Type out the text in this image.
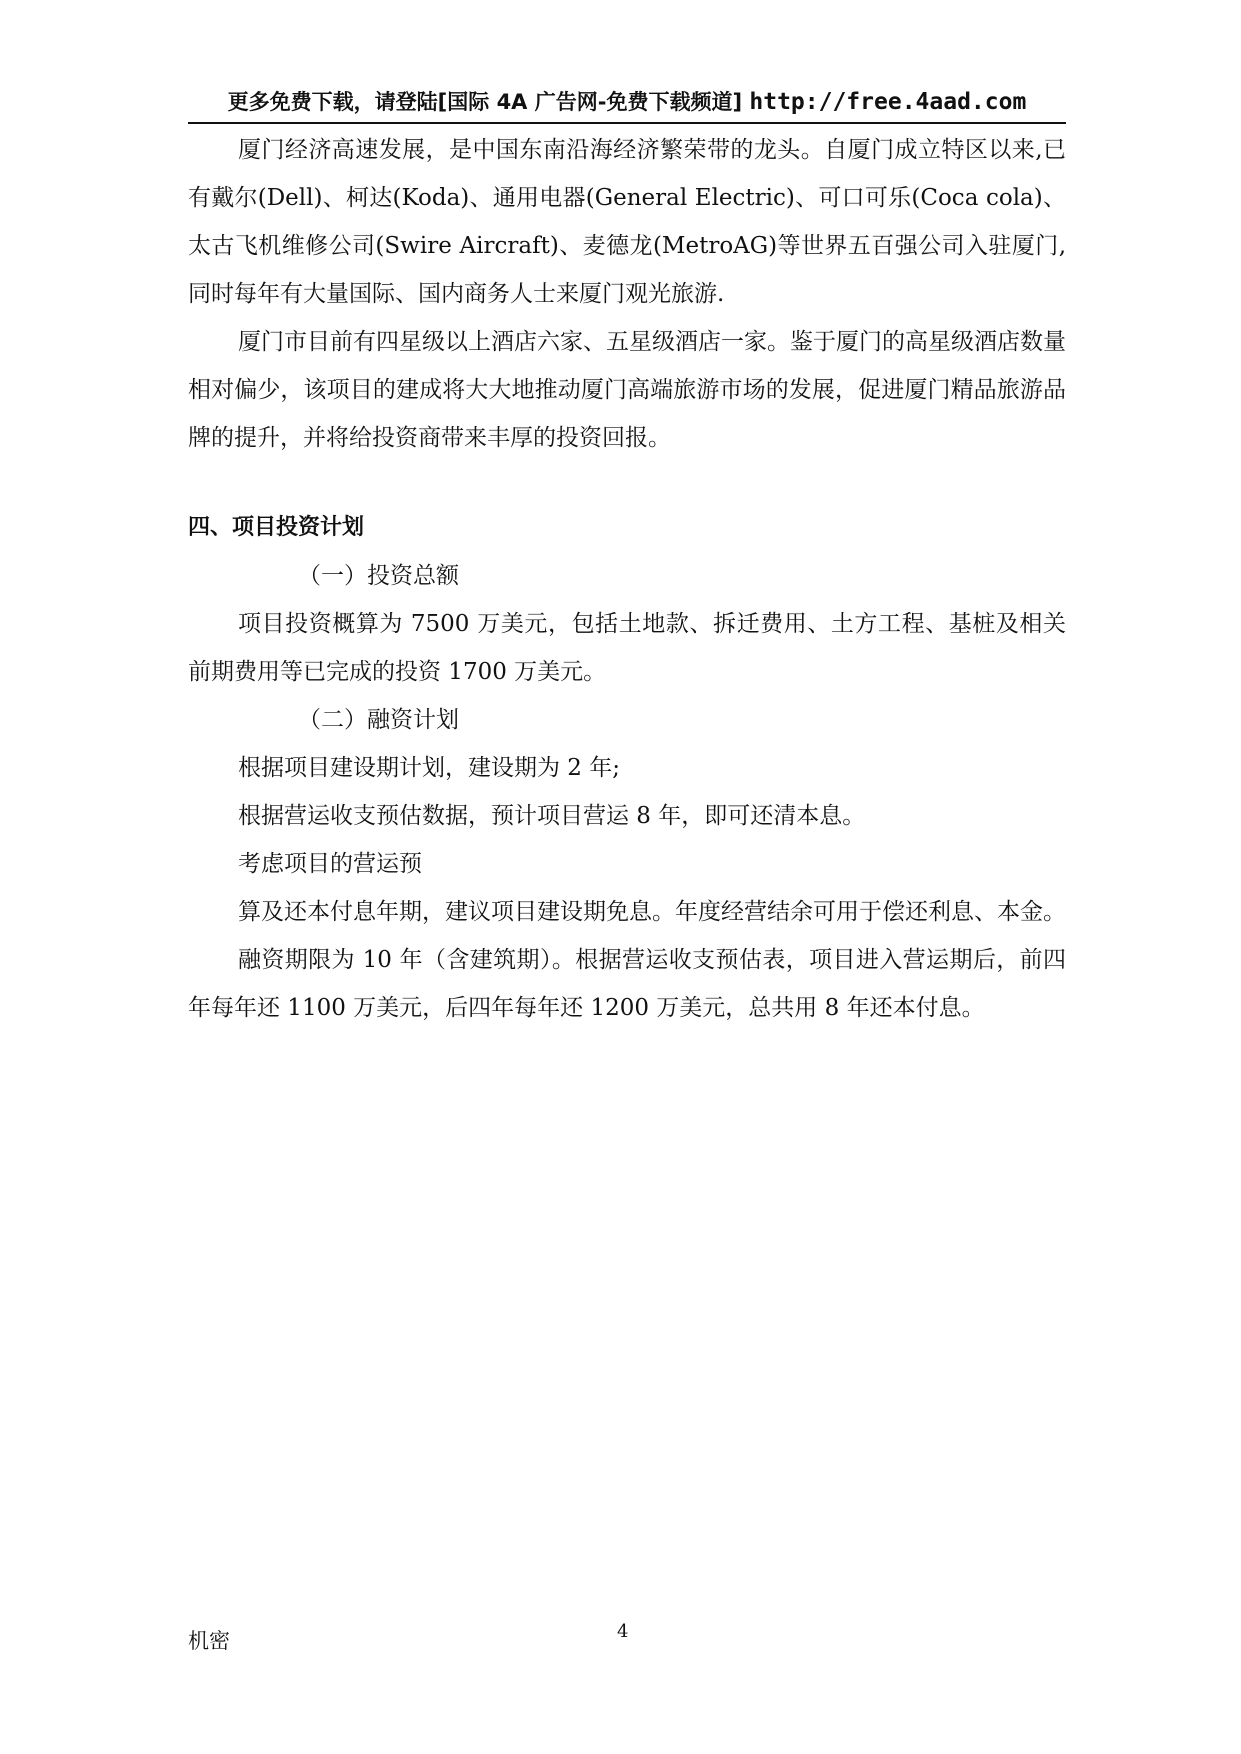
更多免费下载，请登陆[国际 4A 广告网-免费下载频道] http://free.4aad.com

厦门经济高速发展，是中国东南沿海经济繁荣带的龙头。自厦门成立特区以来,已有戴尔(Dell)、柯达(Koda)、通用电器(General Electric)、可口可乐(Coca cola)、太古飞机维修公司(Swire Aircraft)、麦德龙(MetroAG)等世界五百强公司入驻厦门,同时每年有大量国际、国内商务人士来厦门观光旅游.

厦门市目前有四星级以上酒店六家、五星级酒店一家。鉴于厦门的高星级酒店数量相对偏少，该项目的建成将大大地推动厦门高端旅游市场的发展，促进厦门精品旅游品牌的提升，并将给投资商带来丰厚的投资回报。

四、项目投资计划

（一）投资总额

项目投资概算为 7500 万美元，包括土地款、拆迁费用、土方工程、基桩及相关前期费用等已完成的投资 1700 万美元。

（二）融资计划

根据项目建设期计划，建设期为 2 年;

根据营运收支预估数据，预计项目营运 8 年，即可还清本息。

考虑项目的营运预

算及还本付息年期，建议项目建设期免息。年度经营结余可用于偿还利息、本金。

融资期限为 10 年（含建筑期）。根据营运收支预估表，项目进入营运期后，前四年每年还 1100 万美元，后四年每年还 1200 万美元，总共用 8 年还本付息。

机密	4
